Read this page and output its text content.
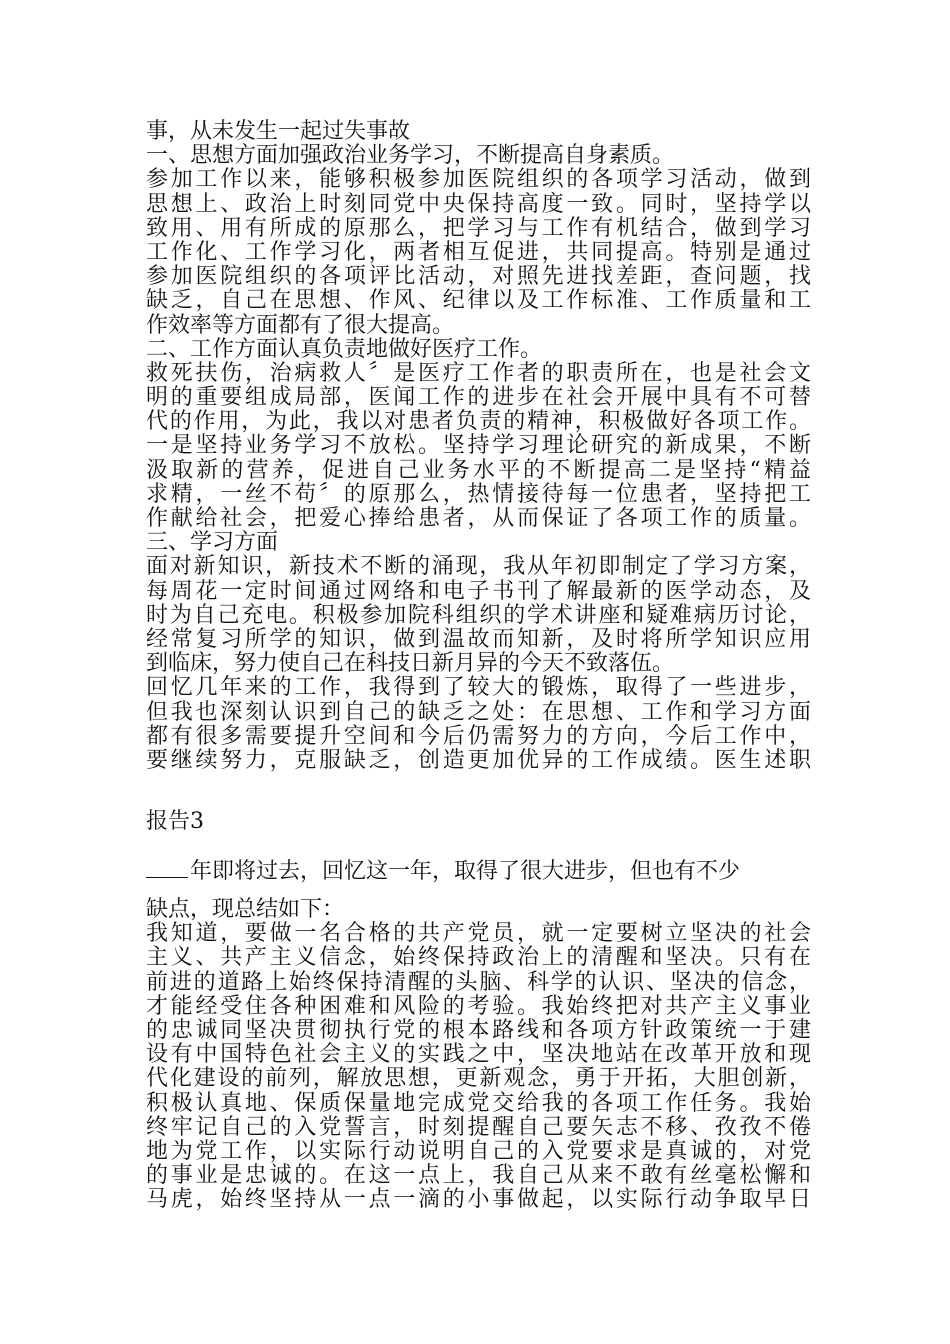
事，从未发生一起过失事故
一、思想方面加强政治业务学习，不断提高自身素质。
参加工作以来，能够积极参加医院组织的各项学习活动，做到
思想上、政治上时刻同党中央保持高度一致。同时，坚持学以
致用、用有所成的原那么，把学习与工作有机结合，做到学习
工作化、工作学习化，两者相互促进，共同提高。特别是通过
参加医院组织的各项评比活动，对照先进找差距，查问题，找
缺乏，自己在思想、作风、纪律以及工作标准、工作质量和工
作效率等方面都有了很大提高。
二、工作方面认真负责地做好医疗工作。
救死扶伤，治病救人〞是医疗工作者的职责所在，也是社会文
明的重要组成局部，医闻工作的进步在社会开展中具有不可替
代的作用，为此，我以对患者负责的精神，积极做好各项工作。
一是坚持业务学习不放松。坚持学习理论研究的新成果，不断
汲取新的营养，促进自己业务水平的不断提高二是坚持“精益
求精，一丝不苟〞的原那么，热情接待每一位患者，坚持把工
作献给社会，把爱心捧给患者，从而保证了各项工作的质量。
三、学习方面
面对新知识，新技术不断的涌现，我从年初即制定了学习方案，
每周花一定时间通过网络和电子书刊了解最新的医学动态，及
时为自己充电。积极参加院科组织的学术讲座和疑难病历讨论，
经常复习所学的知识，做到温故而知新，及时将所学知识应用
到临床，努力使自己在科技日新月异的今天不致落伍。
回忆几年来的工作，我得到了较大的锻炼，取得了一些进步，
但我也深刻认识到自己的缺乏之处：在思想、工作和学习方面
都有很多需要提升空间和今后仍需努力的方向，今后工作中，
要继续努力，克服缺乏，创造更加优异的工作成绩。医生述职
报告3
年即将过去，回忆这一年，取得了很大进步，但也有不少
缺点，现总结如下：
我知道，要做一名合格的共产党员，就一定要树立坚决的社会
主义、共产主义信念，始终保持政治上的清醒和坚决。只有在
前进的道路上始终保持清醒的头脑、科学的认识、坚决的信念，
才能经受住各种困难和风险的考验。我始终把对共产主义事业
的忠诚同坚决贯彻执行党的根本路线和各项方针政策统一于建
设有中国特色社会主义的实践之中，坚决地站在改革开放和现
代化建设的前列，解放思想，更新观念，勇于开拓，大胆创新，
积极认真地、保质保量地完成党交给我的各项工作任务。我始
终牢记自己的入党誓言，时刻提醒自己要矢志不移、孜孜不倦
地为党工作，以实际行动说明自己的入党要求是真诚的，对党
的事业是忠诚的。在这一点上，我自己从来不敢有丝毫松懈和
马虎，始终坚持从一点一滴的小事做起，以实际行动争取早日
